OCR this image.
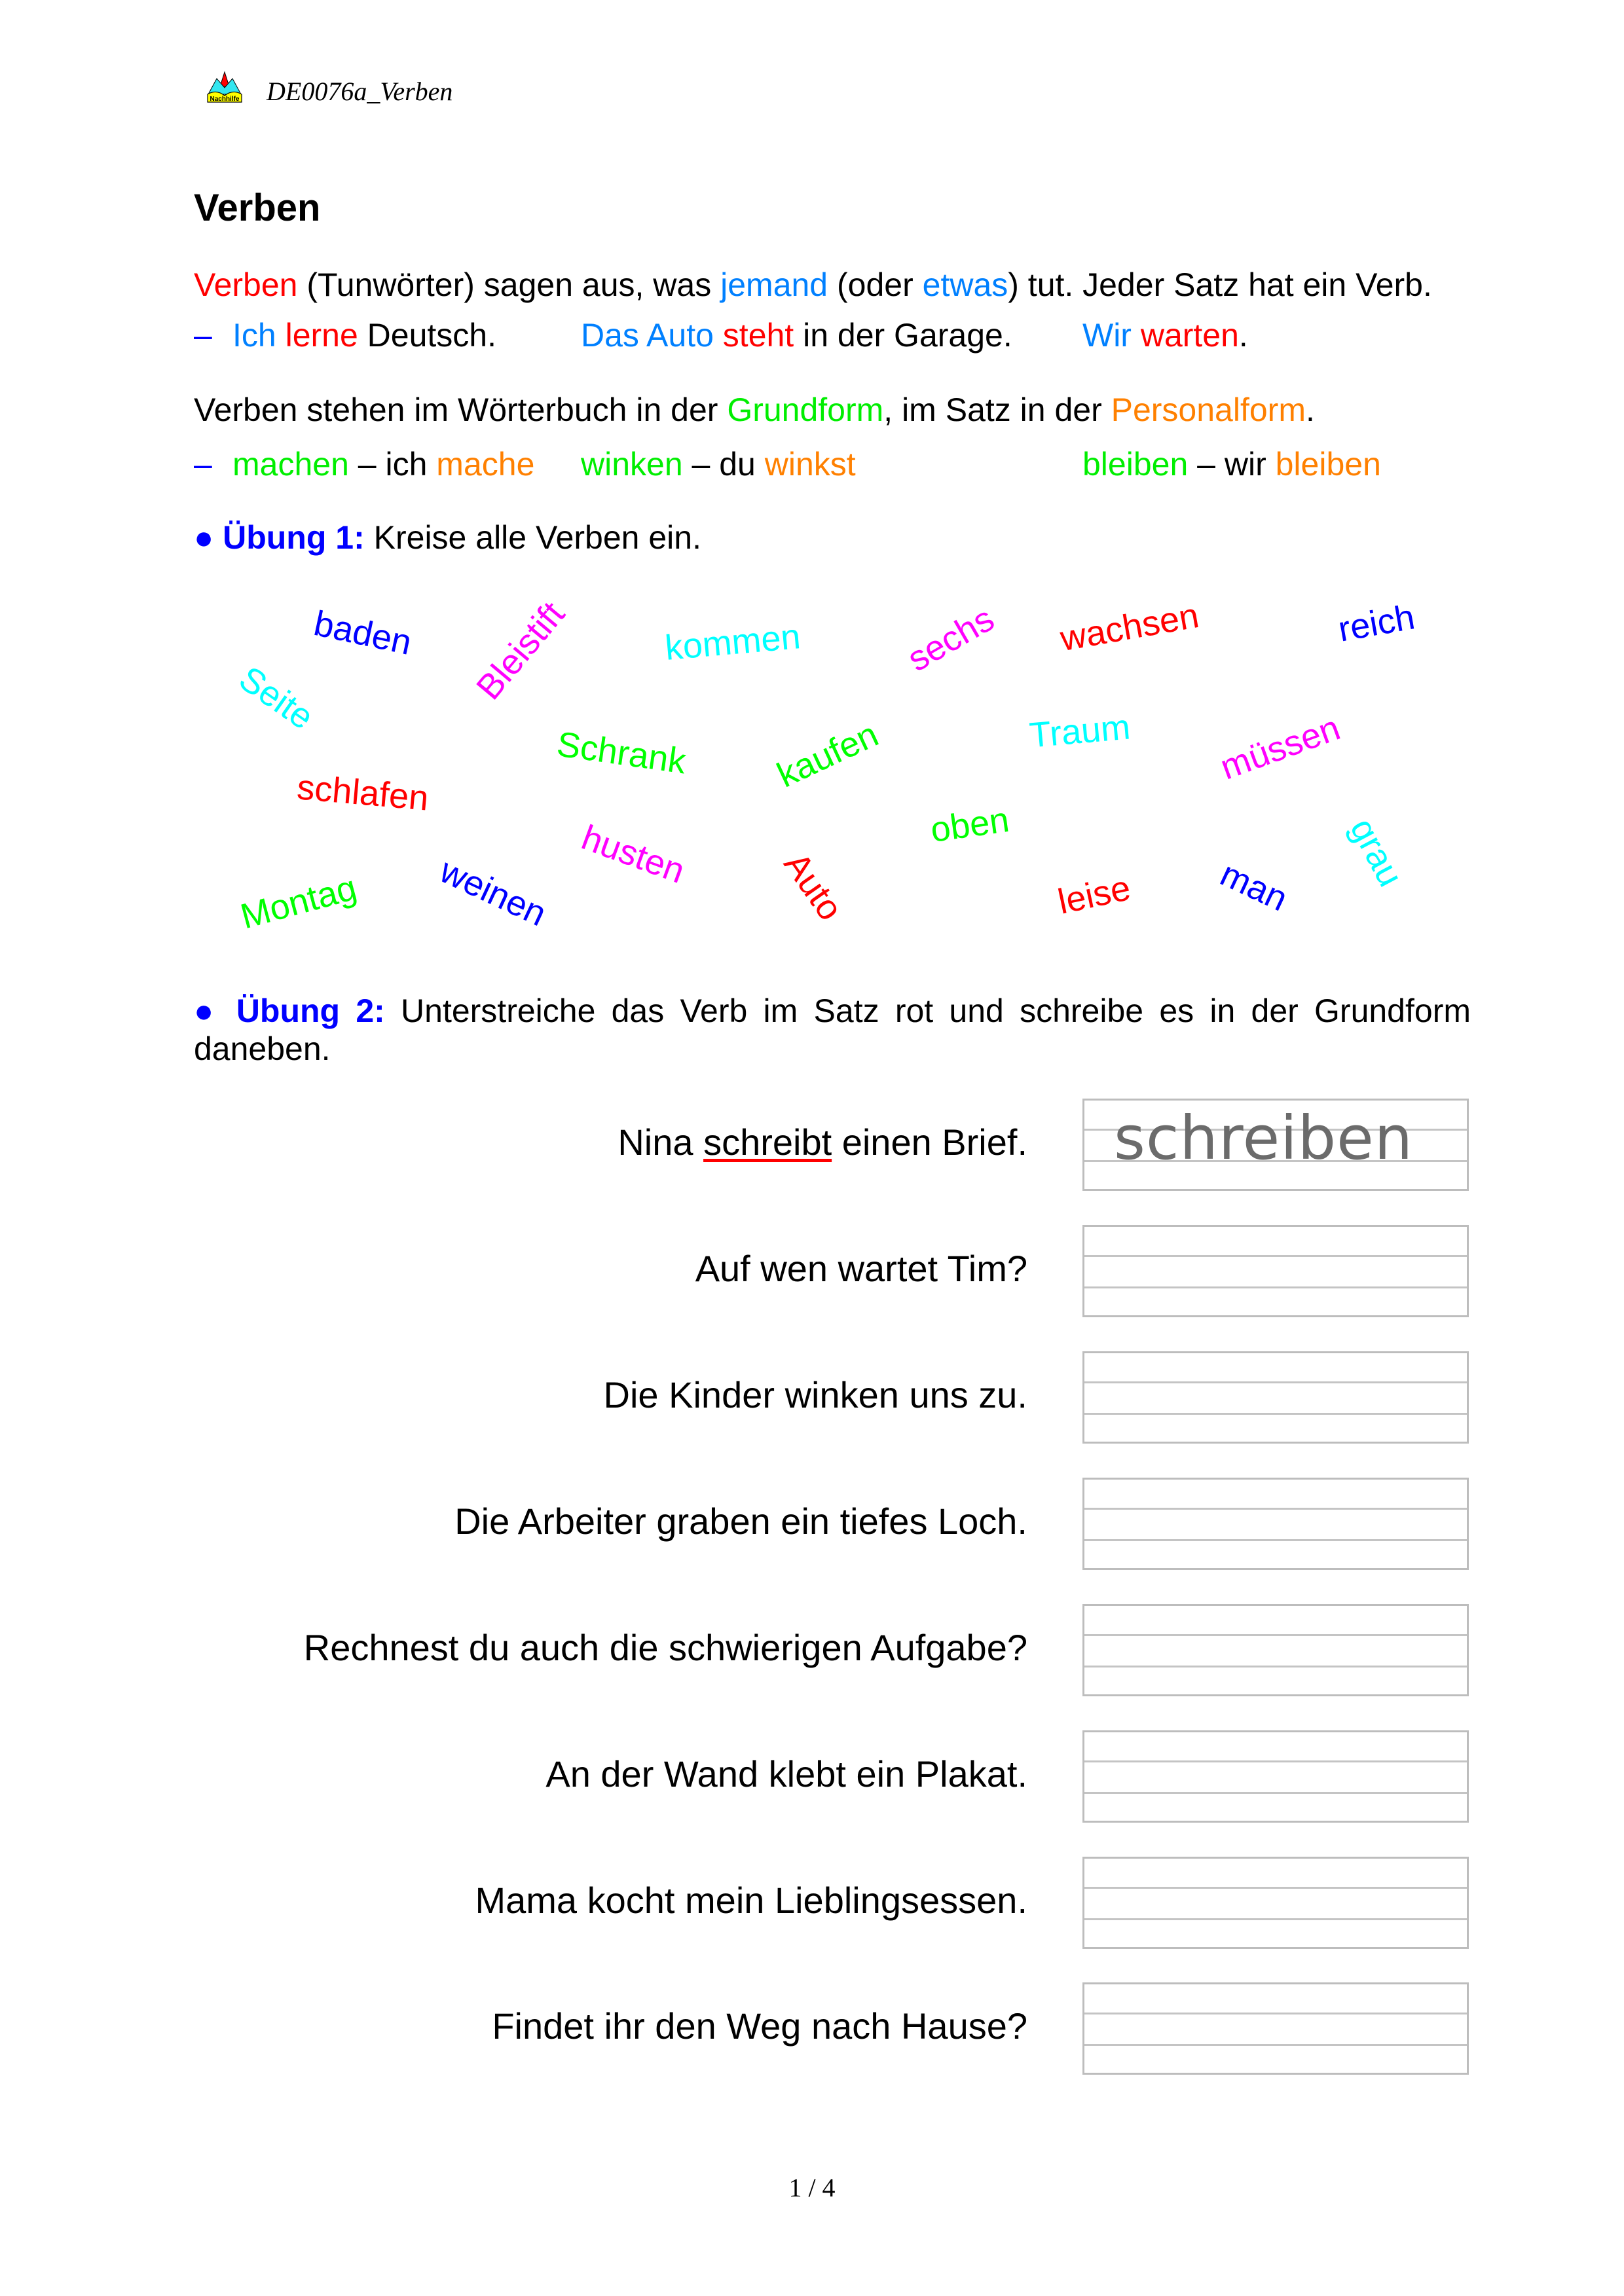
Nachhilfe DE0076a_Verben
Verben
Verben (Tunwörter) sagen aus, was jemand (oder etwas) tut. Jeder Satz hat ein Verb.
– Ich lerne Deutsch.	Das Auto steht in der Garage. Wir warten.
Verben stehen im Wörterbuch in der Grundform, im Satz in der Personalform.
– machen – ich mache winken – du winkst	bleiben – wir bleiben
● Übung 1: Kreise alle Verben ein.
baden Bleistift	kommen	sechs wachsen	reich
Seite
Schrank kaufen	Traum müssen
schlafen
husten	oben	grau
Montag weinen	Auto	leise man
● Übung 2: Unterstreiche das Verb im Satz rot und schreibe es in der Grundform daneben.
Nina schreibt einen Brief. schreiben
Auf wen wartet Tim?
Die Kinder winken uns zu.
Die Arbeiter graben ein tiefes Loch.
Rechnest du auch die schwierigen Aufgabe?
An der Wand klebt ein Plakat.
Mama kocht mein Lieblingsessen.
Findet ihr den Weg nach Hause?
1 / 4
